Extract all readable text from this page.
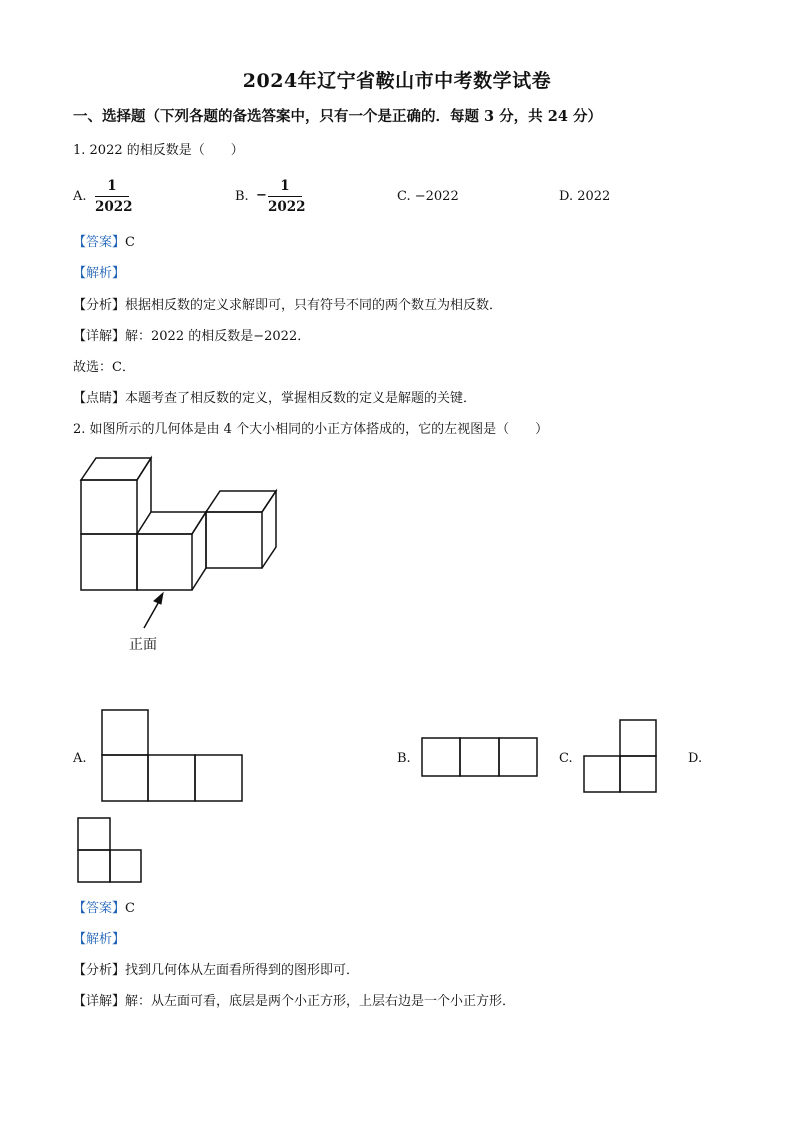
2024年辽宁省鞍山市中考数学试卷
一、选择题（下列各题的备选答案中，只有一个是正确的．每题 3 分，共 24 分）
1. 2022 的相反数是（　　）
A.
1
2022
B. −
1
2022
C. −2022	D. 2022
【答案】C
【解析】
【分析】根据相反数的定义求解即可，只有符号不同的两个数互为相反数．
【详解】解：2022 的相反数是−2022．
故选：C．
【点睛】本题考查了相反数的定义，掌握相反数的定义是解题的关键．
2. 如图所示的几何体是由 4 个大小相同的小正方体搭成的，它的左视图是（　　）
正面
A.	B.	C.	D.
【答案】C
【解析】
【分析】找到几何体从左面看所得到的图形即可．
【详解】解：从左面可看，底层是两个小正方形，上层右边是一个小正方形．
